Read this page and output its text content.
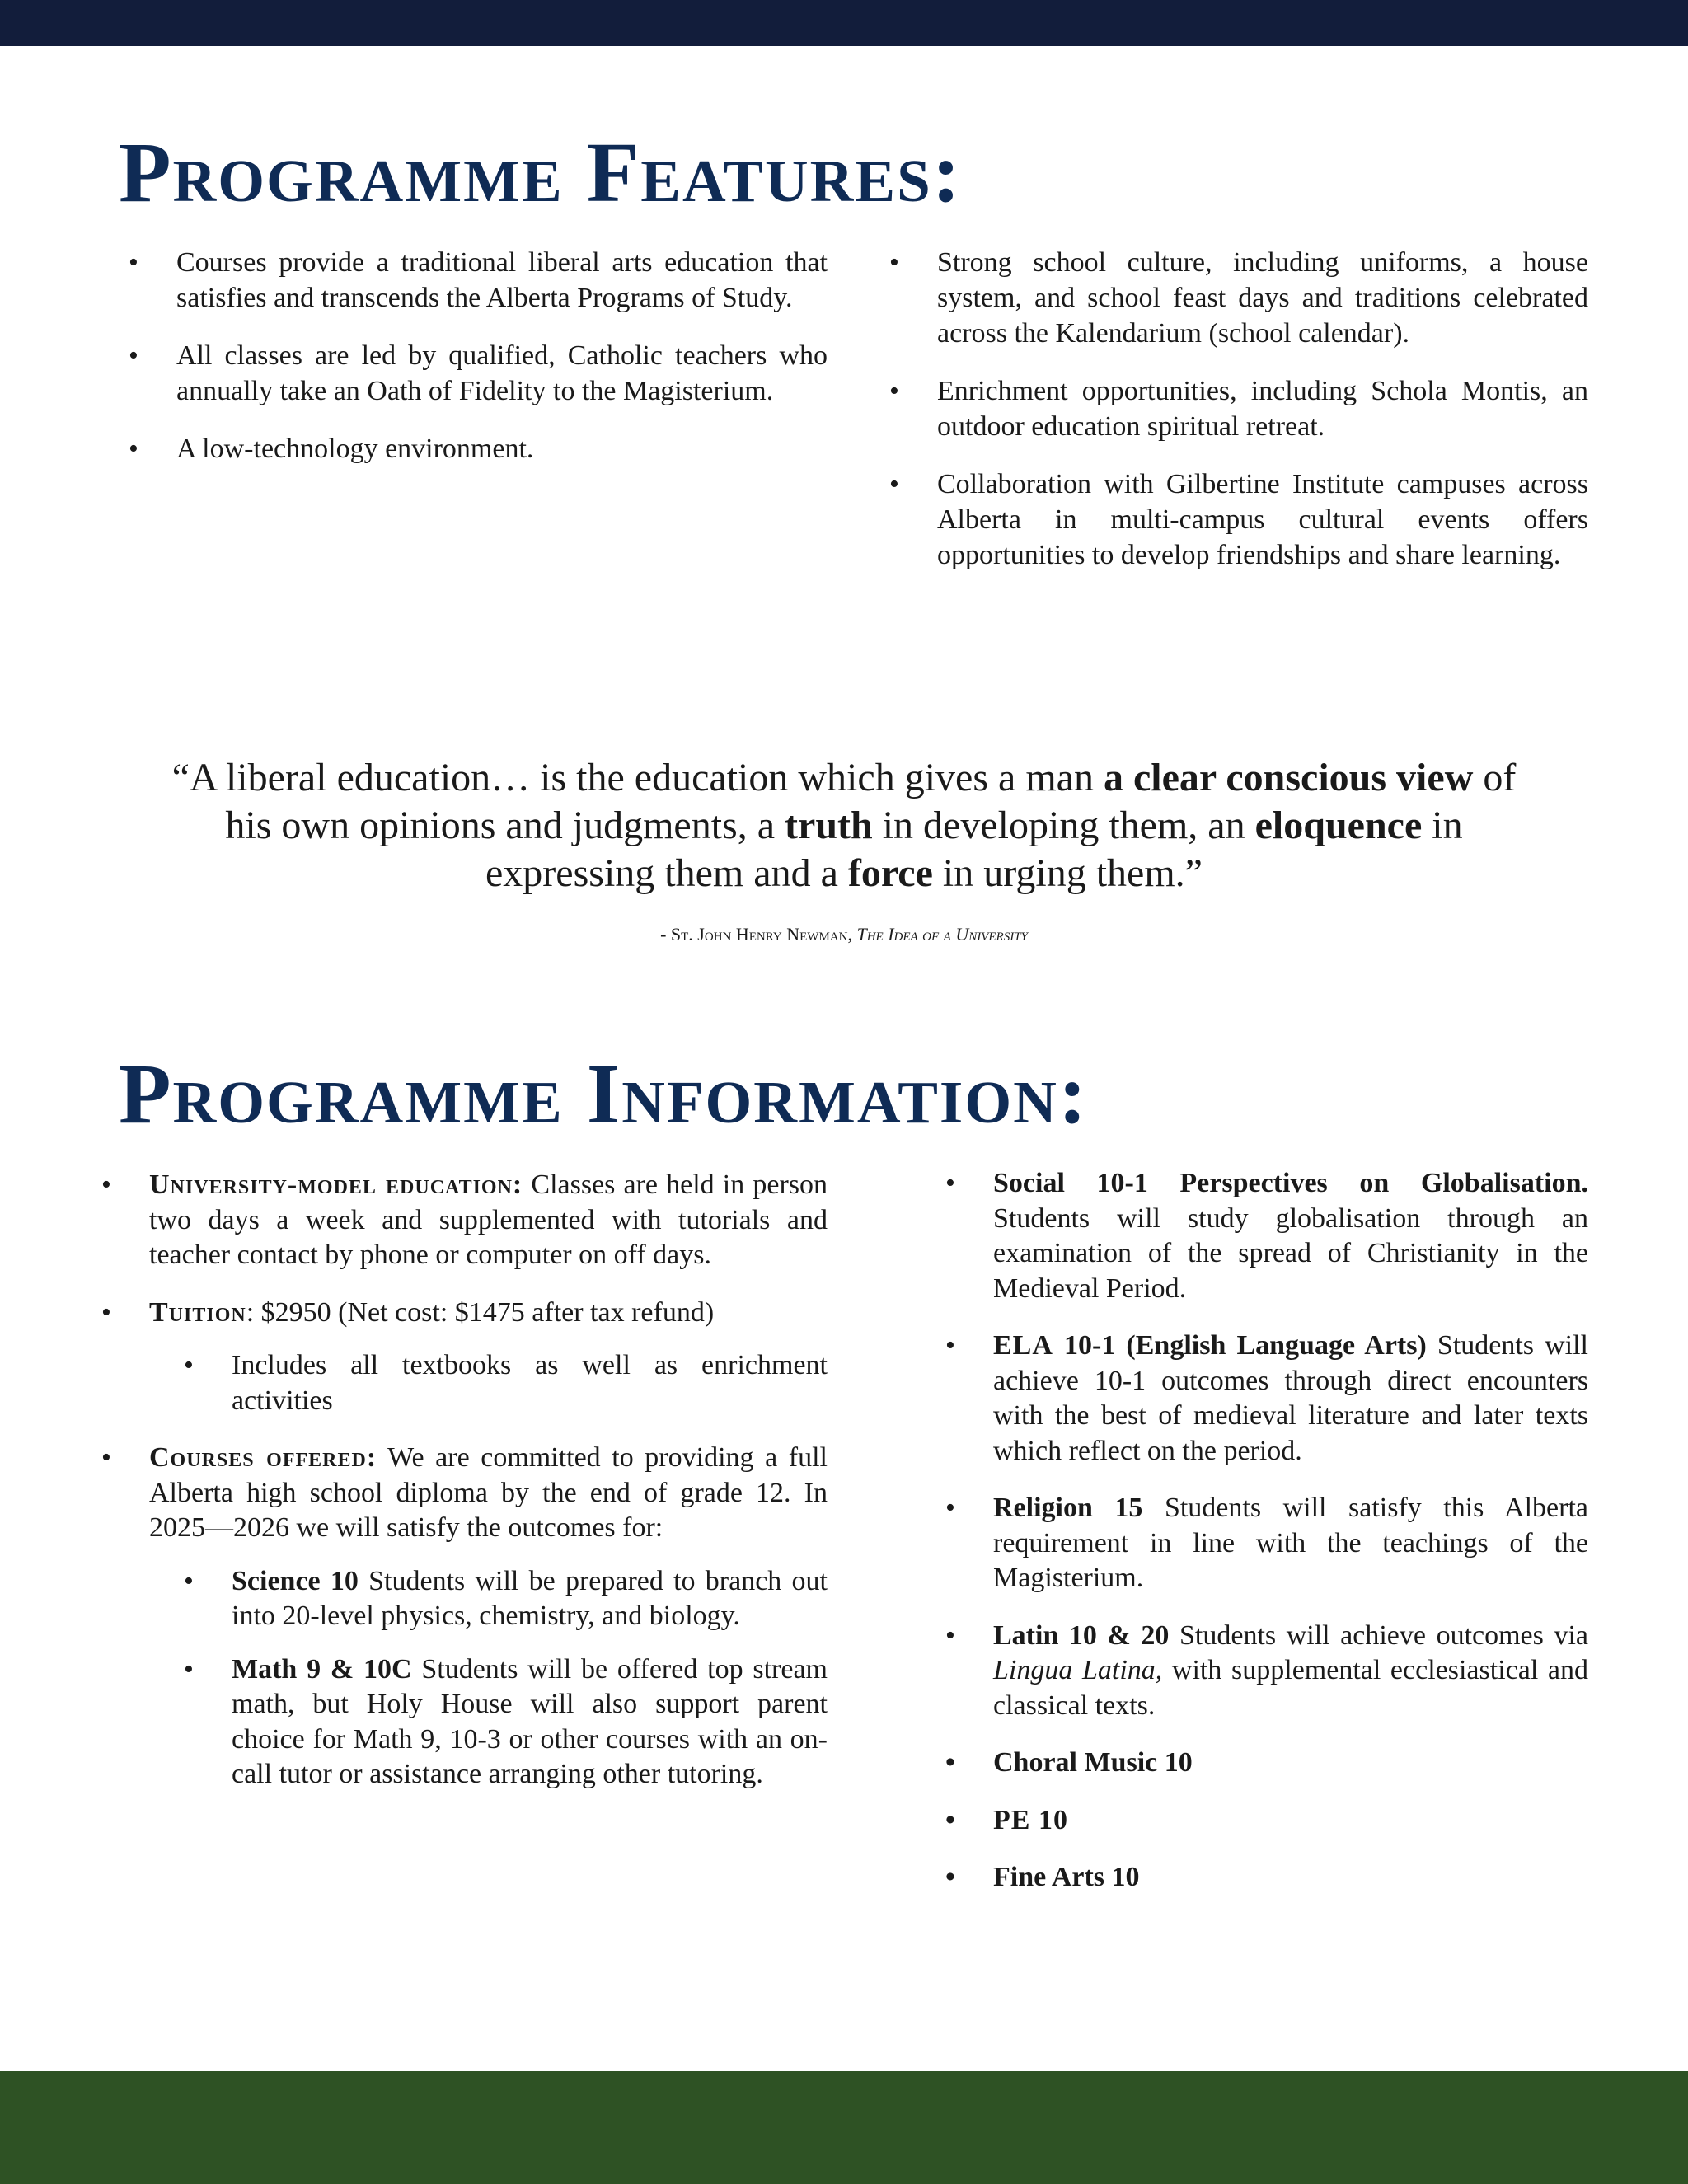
Programme Features:
• Courses provide a traditional liberal arts education that satisfies and transcends the Alberta Programs of Study.
• All classes are led by qualified, Catholic teachers who annually take an Oath of Fidelity to the Magisterium.
• A low-technology environment.
• Strong school culture, including uniforms, a house system, and school feast days and traditions celebrated across the Kalendarium (school calendar).
• Enrichment opportunities, including Schola Montis, an outdoor education spiritual retreat.
• Collaboration with Gilbertine Institute campuses across Alberta in multi-campus cultural events offers opportunities to develop friendships and share learning.

“A liberal education… is the education which gives a man a clear conscious view of his own opinions and judgments, a truth in developing them, an eloquence in expressing them and a force in urging them.”

- St. John Henry Newman, The Idea of a University

Programme Information:
• University-model education: Classes are held in person two days a week and supplemented with tutorials and teacher contact by phone or computer on off days.
• Tuition: $2950 (Net cost: $1475 after tax refund)
• Includes all textbooks as well as enrichment activities
• Courses offered: We are committed to providing a full Alberta high school diploma by the end of grade 12. In 2025—2026 we will satisfy the outcomes for:
• Science 10 Students will be prepared to branch out into 20-level physics, chemistry, and biology.
• Math 9 & 10C Students will be offered top stream math, but Holy House will also support parent choice for Math 9, 10-3 or other courses with an on-call tutor or assistance arranging other tutoring.
• Social 10-1 Perspectives on Globalisation. Students will study globalisation through an examination of the spread of Christianity in the Medieval Period.
• ELA 10-1 (English Language Arts) Students will achieve 10-1 outcomes through direct encounters with the best of medieval literature and later texts which reflect on the period.
• Religion 15 Students will satisfy this Alberta requirement in line with the teachings of the Magisterium.
• Latin 10 & 20 Students will achieve outcomes via Lingua Latina, with supplemental ecclesiastical and classical texts.
• Choral Music 10
• PE 10
• Fine Arts 10
